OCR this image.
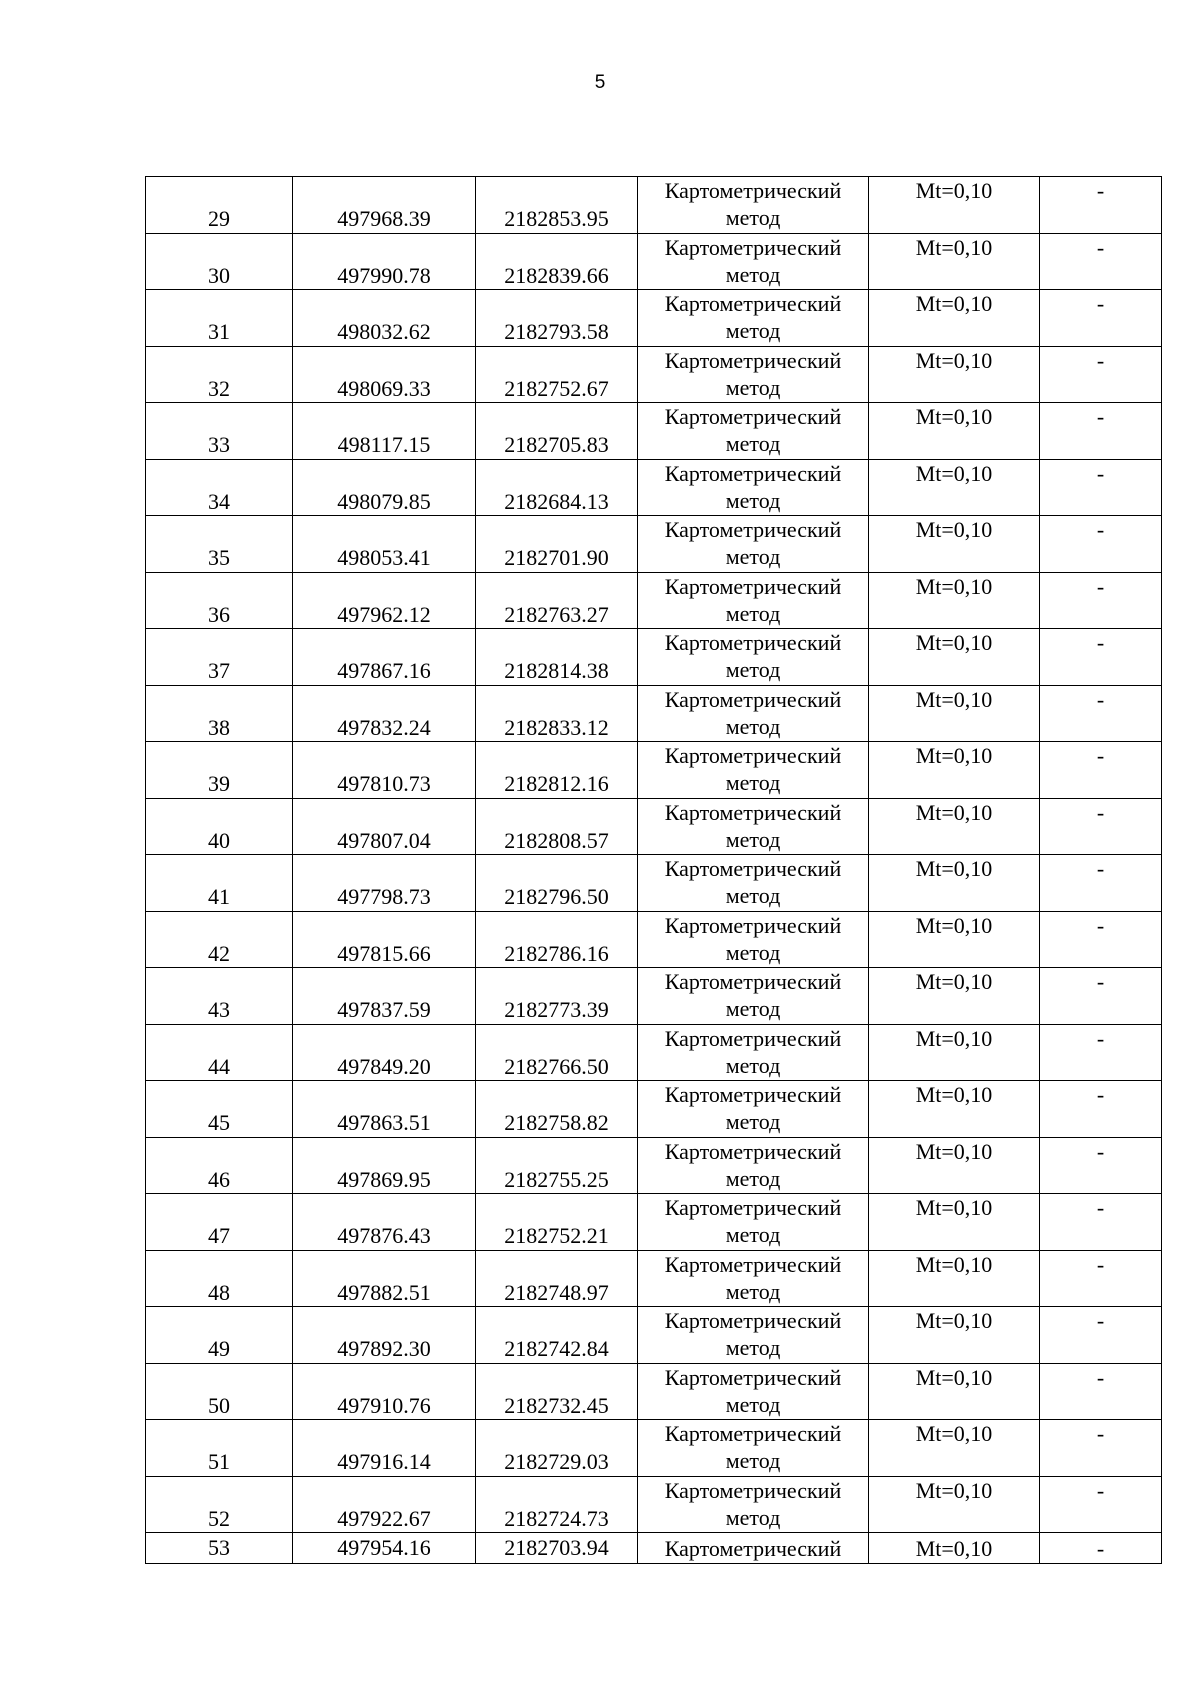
5
29	497968.39	2182853.95	Картометрический
метод	Mt=0,10	-

30	497990.78	2182839.66	Картометрический
метод	Mt=0,10	-

31	498032.62	2182793.58	Картометрический
метод	Mt=0,10	-

32	498069.33	2182752.67	Картометрический
метод	Mt=0,10	-

33	498117.15	2182705.83	Картометрический
метод	Mt=0,10	-

34	498079.85	2182684.13	Картометрический
метод	Mt=0,10	-

35	498053.41	2182701.90	Картометрический
метод	Mt=0,10	-

36	497962.12	2182763.27	Картометрический
метод	Mt=0,10	-

37	497867.16	2182814.38	Картометрический
метод	Mt=0,10	-

38	497832.24	2182833.12	Картометрический
метод	Mt=0,10	-

39	497810.73	2182812.16	Картометрический
метод	Mt=0,10	-

40	497807.04	2182808.57	Картометрический
метод	Mt=0,10	-

41	497798.73	2182796.50	Картометрический
метод	Mt=0,10	-

42	497815.66	2182786.16	Картометрический
метод	Mt=0,10	-

43	497837.59	2182773.39	Картометрический
метод	Mt=0,10	-

44	497849.20	2182766.50	Картометрический
метод	Mt=0,10	-

45	497863.51	2182758.82	Картометрический
метод	Mt=0,10	-

46	497869.95	2182755.25	Картометрический
метод	Mt=0,10	-

47	497876.43	2182752.21	Картометрический
метод	Mt=0,10	-

48	497882.51	2182748.97	Картометрический
метод	Mt=0,10	-

49	497892.30	2182742.84	Картометрический
метод	Mt=0,10	-

50	497910.76	2182732.45	Картометрический
метод	Mt=0,10	-

51	497916.14	2182729.03	Картометрический
метод	Mt=0,10	-

52	497922.67	2182724.73	Картометрический
метод	Mt=0,10	-

53	497954.16	2182703.94	Картометрический	Mt=0,10	-
